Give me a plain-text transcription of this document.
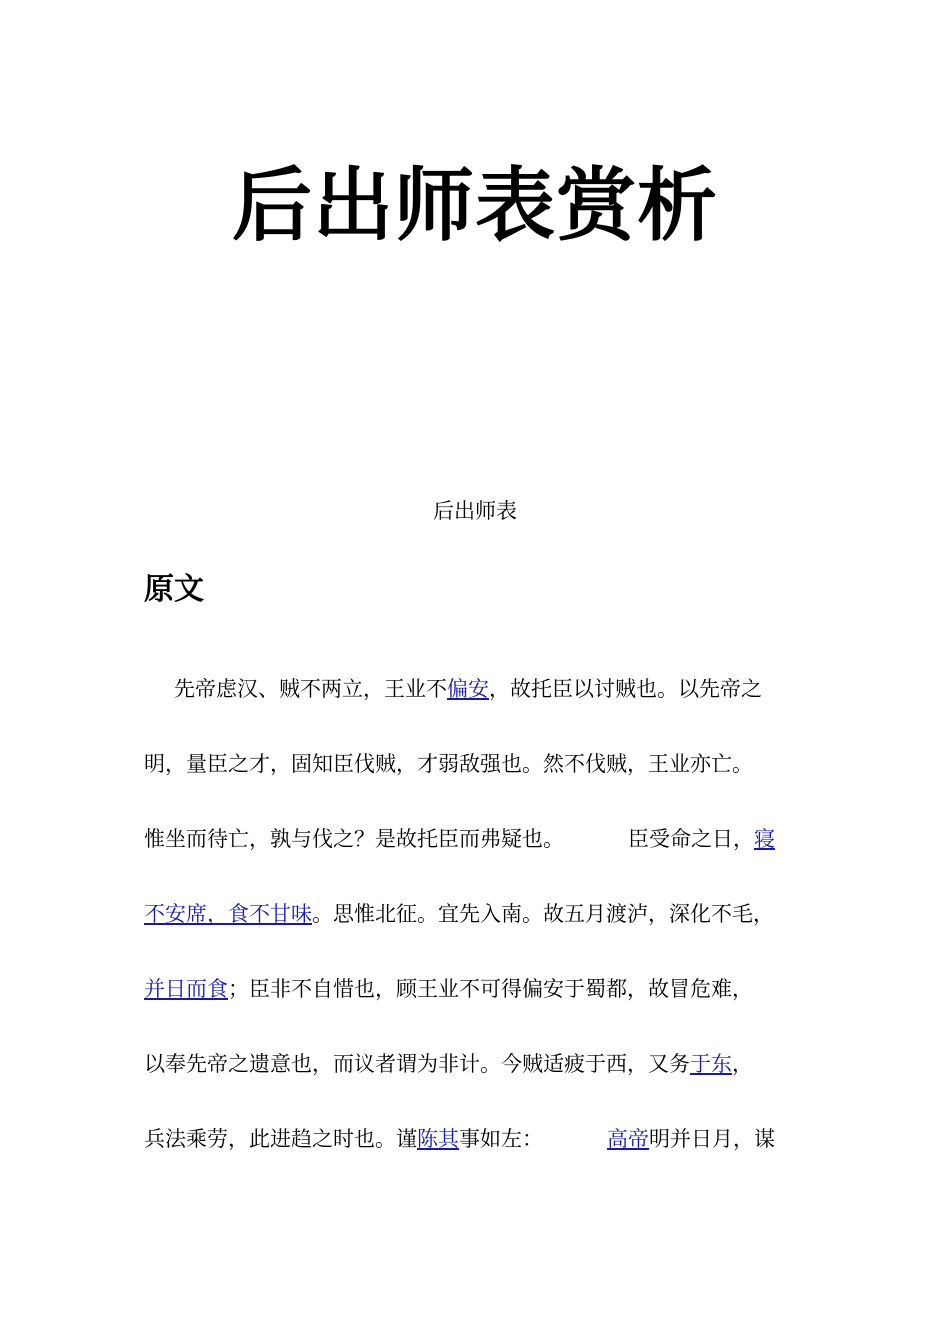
后出师表赏析

后出师表

原文
先帝虑汉、贼不两立，王业不偏安，故托臣以讨贼也。以先帝之
明，量臣之才，固知臣伐贼，才弱敌强也。然不伐贼，王业亦亡。
惟坐而待亡，孰与伐之？是故托臣而弗疑也。	臣受命之日，寝
不安席，食不甘味。思惟北征。宜先入南。故五月渡泸，深化不毛，
并日而食；臣非不自惜也，顾王业不可得偏安于蜀都，故冒危难，
以奉先帝之遗意也，而议者谓为非计。今贼适疲于西，又务于东，
兵法乘劳，此进趋之时也。谨陈其事如左：	高帝明并日月，谋
